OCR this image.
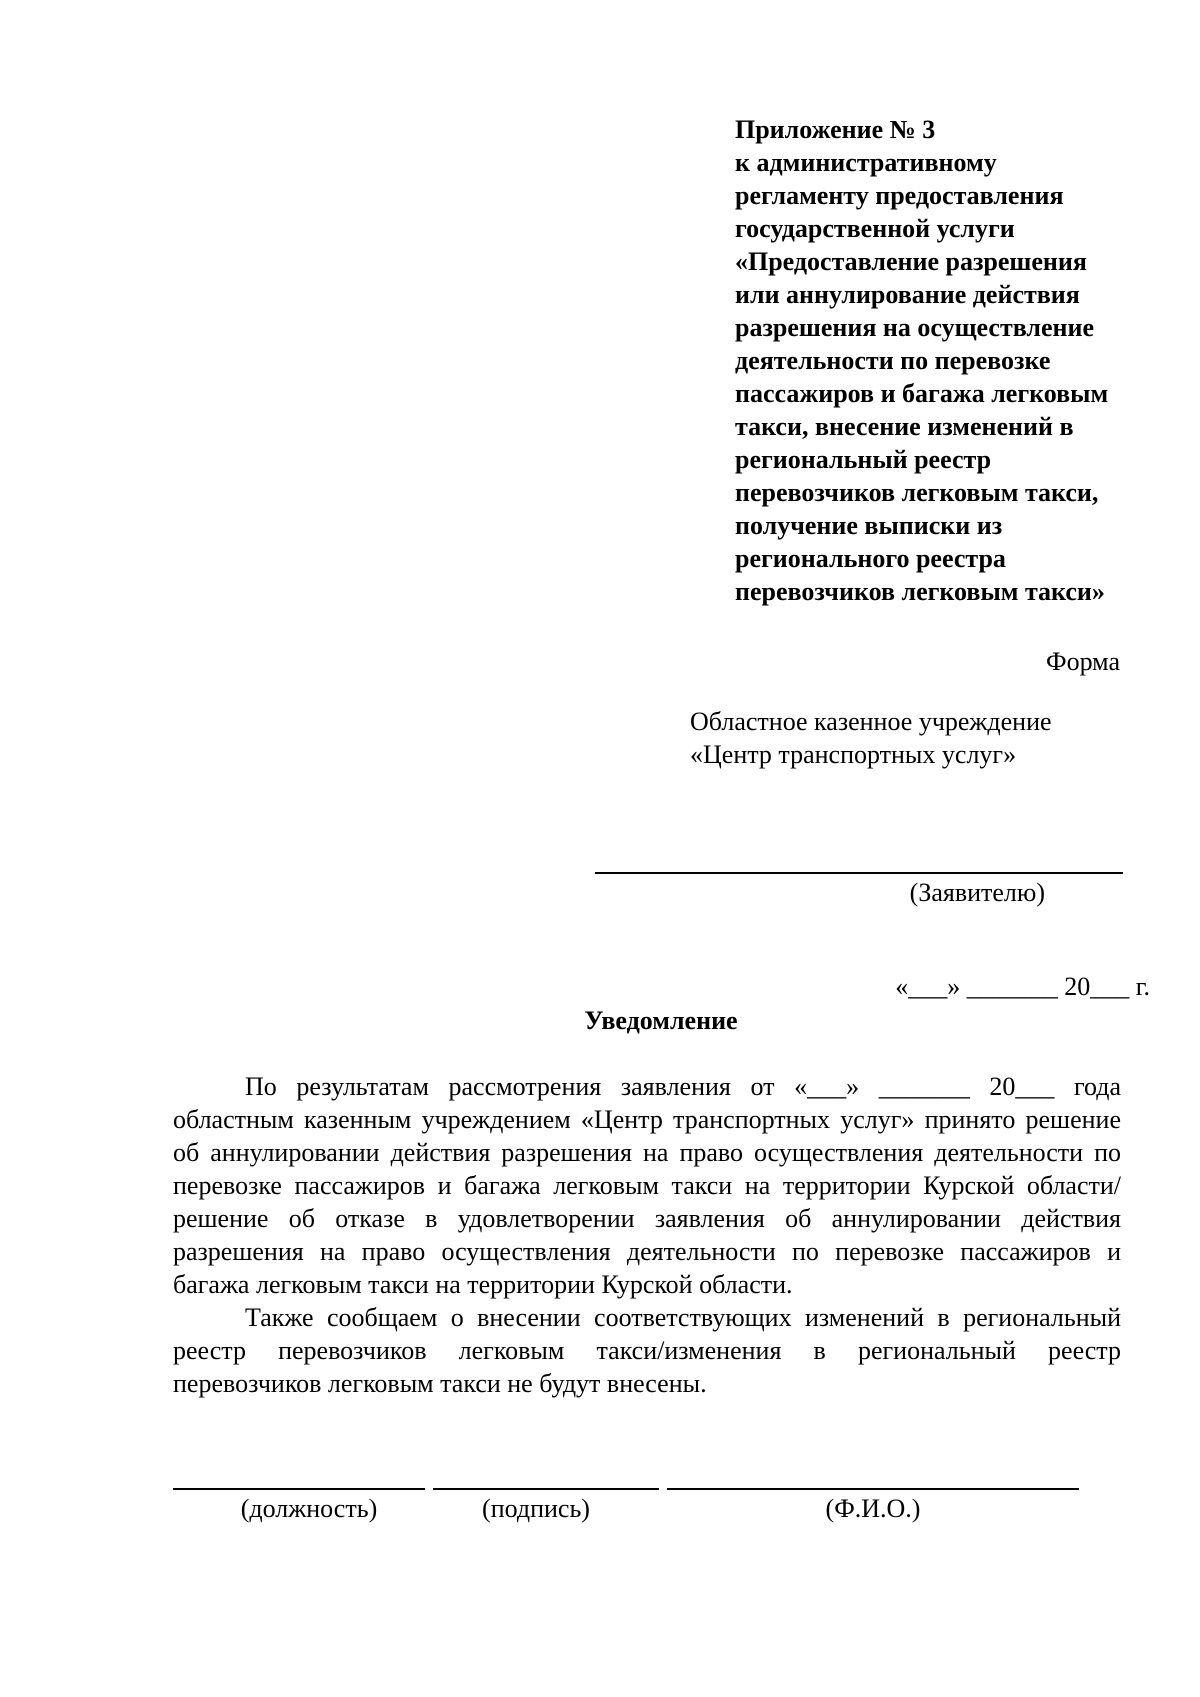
Приложение № 3
к административному
регламенту предоставления
государственной услуги
«Предоставление разрешения
или аннулирование действия
разрешения на осуществление
деятельности по перевозке
пассажиров и багажа легковым
такси, внесение изменений в
региональный реестр
перевозчиков легковым такси,
получение выписки из
регионального реестра
перевозчиков легковым такси»
Форма
Областное казенное учреждение
«Центр транспортных услуг»
(Заявителю)
«___» _______ 20___ г.
Уведомление

По результатам рассмотрения заявления от «___» _______ 20___ года областным казенным учреждением «Центр транспортных услуг» принято решение об аннулировании действия разрешения на право осуществления деятельности по перевозке пассажиров и багажа легковым такси на территории Курской области/ решение об отказе в удовлетворении заявления об аннулировании действия разрешения на право осуществления деятельности по перевозке пассажиров и багажа легковым такси на территории Курской области.

Также сообщаем о внесении соответствующих изменений в региональный реестр перевозчиков легковым такси/изменения в региональный реестр перевозчиков легковым такси не будут внесены.

(должность)	(подпись)	(Ф.И.О.)
